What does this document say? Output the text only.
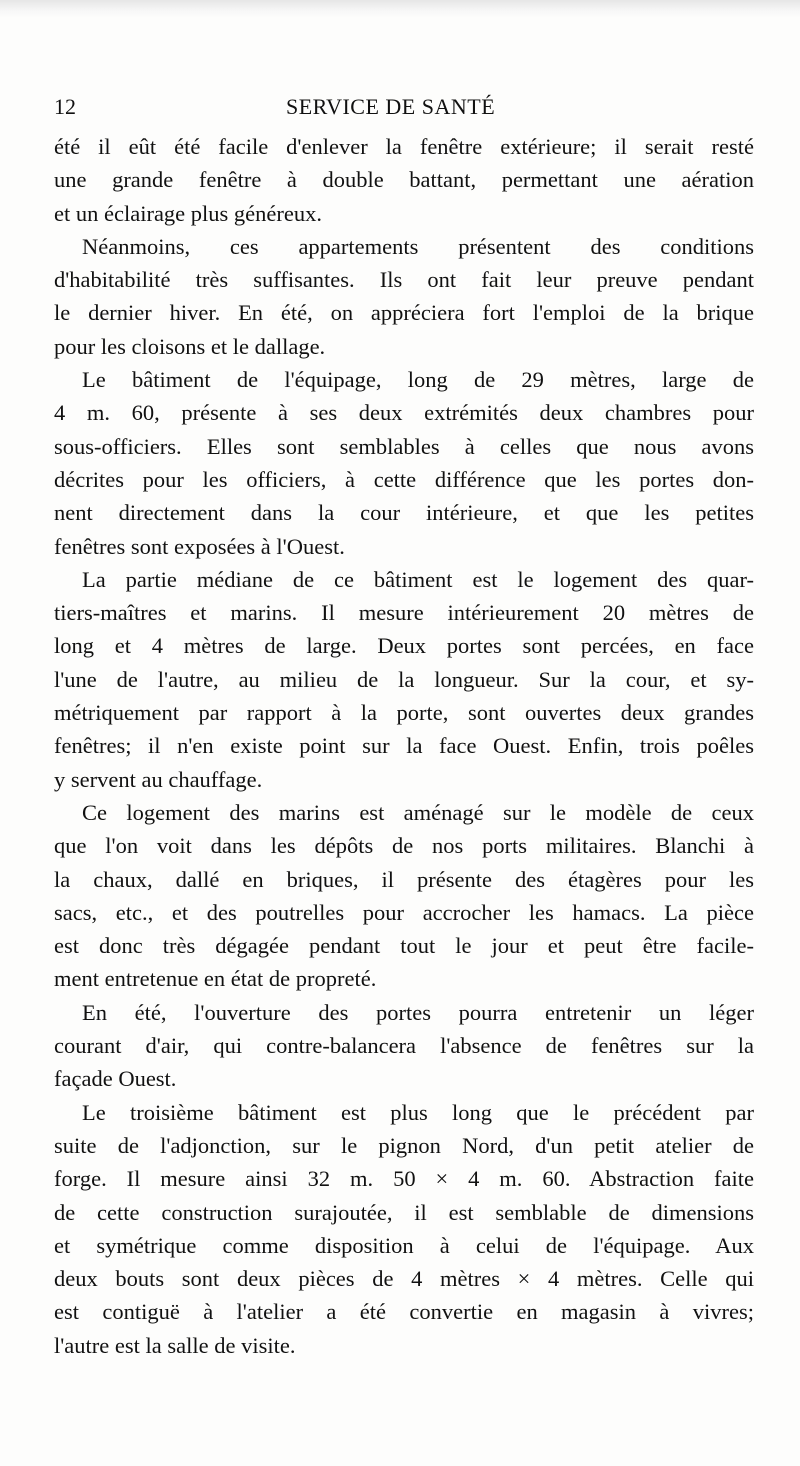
12	SERVICE DE SANTÉ
été il eût été facile d'enlever la fenêtre extérieure; il serait resté
une grande fenêtre à double battant, permettant une aération
et un éclairage plus généreux.
Néanmoins, ces appartements présentent des conditions
d'habitabilité très suffisantes. Ils ont fait leur preuve pendant
le dernier hiver. En été, on appréciera fort l'emploi de la brique
pour les cloisons et le dallage.
Le bâtiment de l'équipage, long de 29 mètres, large de
4 m. 60, présente à ses deux extrémités deux chambres pour
sous-officiers. Elles sont semblables à celles que nous avons
décrites pour les officiers, à cette différence que les portes don-
nent directement dans la cour intérieure, et que les petites
fenêtres sont exposées à l'Ouest.
La partie médiane de ce bâtiment est le logement des quar-
tiers-maîtres et marins. Il mesure intérieurement 20 mètres de
long et 4 mètres de large. Deux portes sont percées, en face
l'une de l'autre, au milieu de la longueur. Sur la cour, et sy-
métriquement par rapport à la porte, sont ouvertes deux grandes
fenêtres; il n'en existe point sur la face Ouest. Enfin, trois poêles
y servent au chauffage.
Ce logement des marins est aménagé sur le modèle de ceux
que l'on voit dans les dépôts de nos ports militaires. Blanchi à
la chaux, dallé en briques, il présente des étagères pour les
sacs, etc., et des poutrelles pour accrocher les hamacs. La pièce
est donc très dégagée pendant tout le jour et peut être facile-
ment entretenue en état de propreté.
En été, l'ouverture des portes pourra entretenir un léger
courant d'air, qui contre-balancera l'absence de fenêtres sur la
façade Ouest.
Le troisième bâtiment est plus long que le précédent par
suite de l'adjonction, sur le pignon Nord, d'un petit atelier de
forge. Il mesure ainsi 32 m. 50 × 4 m. 60. Abstraction faite
de cette construction surajoutée, il est semblable de dimensions
et symétrique comme disposition à celui de l'équipage. Aux
deux bouts sont deux pièces de 4 mètres × 4 mètres. Celle qui
est contiguë à l'atelier a été convertie en magasin à vivres;
l'autre est la salle de visite.
